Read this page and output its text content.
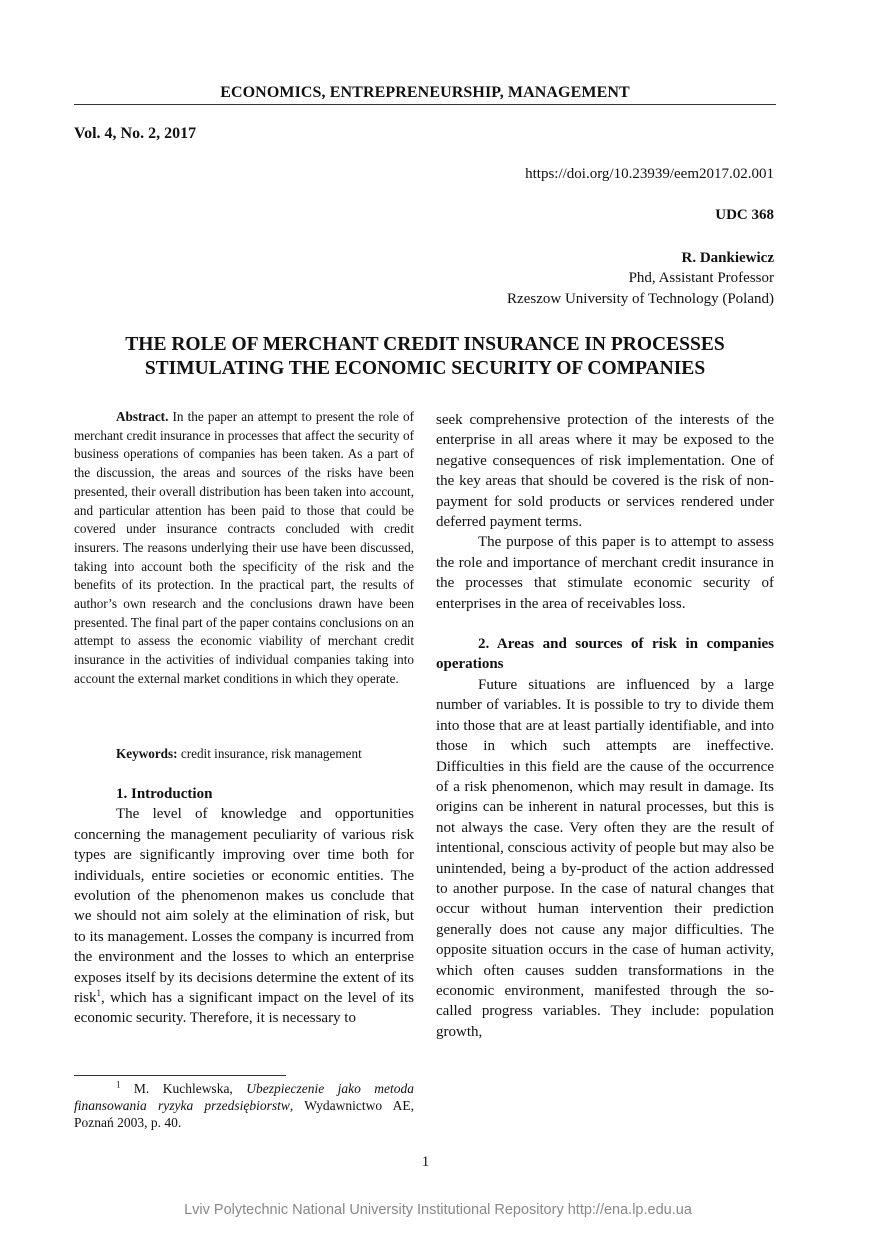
ECONOMICS, ENTREPRENEURSHIP, MANAGEMENT
Vol. 4, No. 2, 2017
https://doi.org/10.23939/eem2017.02.001
UDC 368
R. Dankiewicz
Phd, Assistant Professor
Rzeszow University of Technology (Poland)
THE ROLE OF MERCHANT CREDIT INSURANCE IN PROCESSES
STIMULATING THE ECONOMIC SECURITY OF COMPANIES

Abstract. In the paper an attempt to present the role of merchant credit insurance in processes that affect the security of business operations of companies has been taken. As a part of the discussion, the areas and sources of the risks have been presented, their overall distribution has been taken into account, and particular attention has been paid to those that could be covered under insurance contracts concluded with credit insurers. The reasons underlying their use have been discussed, taking into account both the specificity of the risk and the benefits of its protection. In the practical part, the results of author’s own research and the conclusions drawn have been presented. The final part of the paper contains conclusions on an attempt to assess the economic viability of merchant credit insurance in the activities of individual companies taking into account the external market conditions in which they operate.

Keywords: credit insurance, risk management

1. Introduction

The level of knowledge and opportunities concerning the management peculiarity of various risk types are significantly improving over time both for individuals, entire societies or economic entities. The evolution of the phenomenon makes us conclude that we should not aim solely at the elimination of risk, but to its management. Losses the company is incurred from the environment and the losses to which an enterprise exposes itself by its decisions determine the extent of its risk$^1$, which has a significant impact on the level of its economic security. Therefore, it is necessary to

seek comprehensive protection of the interests of the enterprise in all areas where it may be exposed to the negative consequences of risk implementation. One of the key areas that should be covered is the risk of non-payment for sold products or services rendered under deferred payment terms.

The purpose of this paper is to attempt to assess the role and importance of merchant credit insurance in the processes that stimulate economic security of enterprises in the area of receivables loss.

2. Areas and sources of risk in companies operations

Future situations are influenced by a large number of variables. It is possible to try to divide them into those that are at least partially identifiable, and into those in which such attempts are ineffective. Difficulties in this field are the cause of the occurrence of a risk phenomenon, which may result in damage. Its origins can be inherent in natural processes, but this is not always the case. Very often they are the result of intentional, conscious activity of people but may also be unintended, being a by-product of the action addressed to another purpose. In the case of natural changes that occur without human intervention their prediction generally does not cause any major difficulties. The opposite situation occurs in the case of human activity, which often causes sudden transformations in the economic environment, manifested through the so-called progress variables. They include: population growth,

$^1$ M. Kuchlewska, Ubezpieczenie jako metoda finansowania ryzyka przedsiębiorstw, Wydawnictwo AE, Poznań 2003, p. 40.
1
Lviv Polytechnic National University Institutional Repository http://ena.lp.edu.ua
